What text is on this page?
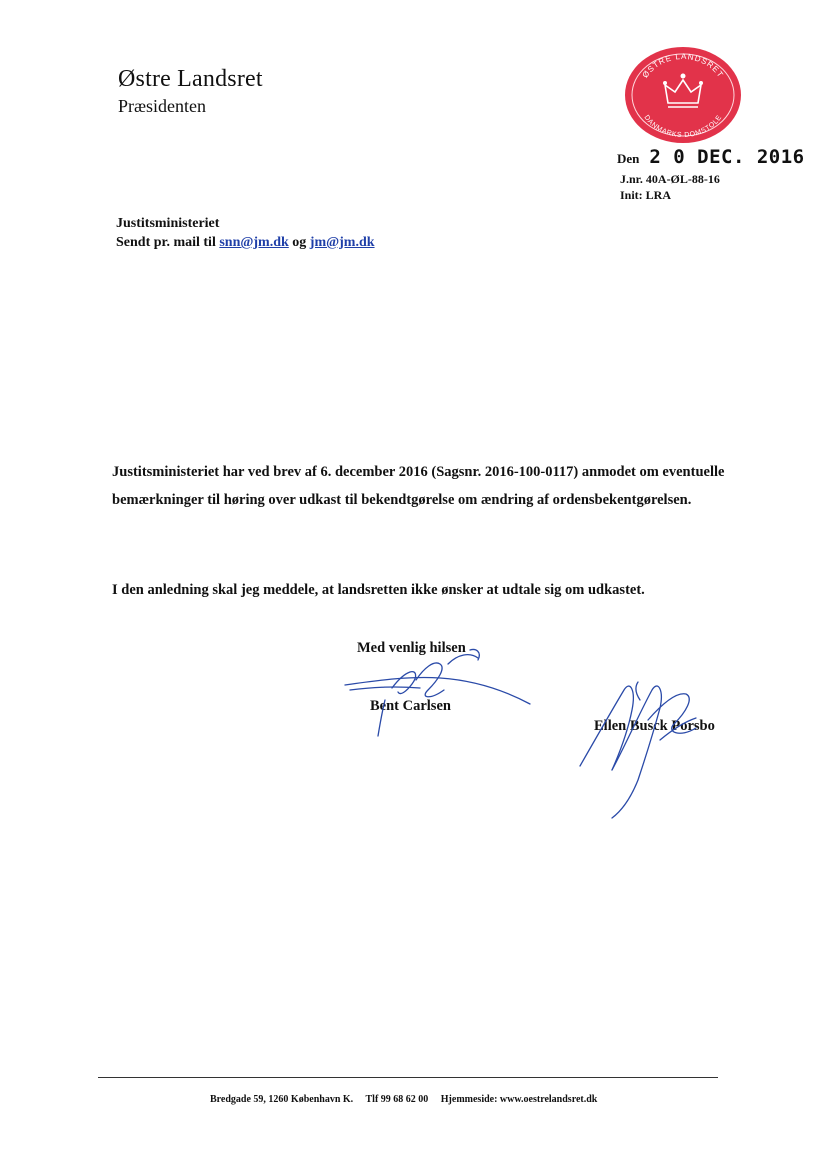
Østre Landsret
Præsidenten
ØSTRE LANDSRET
DANMARKS DOMSTOLE
Den 2 0 DEC. 2016
J.nr. 40A-ØL-88-16
Init: LRA
Justitsministeriet
Sendt pr. mail til snn@jm.dk og jm@jm.dk
Justitsministeriet har ved brev af 6. december 2016 (Sagsnr. 2016-100-0117) anmodet om eventuelle bemærkninger til høring over udkast til bekendtgørelse om ændring af ordensbekentgørelsen.
I den anledning skal jeg meddele, at landsretten ikke ønsker at udtale sig om udkastet.
Med venlig hilsen
Bent Carlsen
Ellen Busck Porsbo
Bredgade 59, 1260 København K. Tlf 99 68 62 00 Hjemmeside: www.oestrelandsret.dk
